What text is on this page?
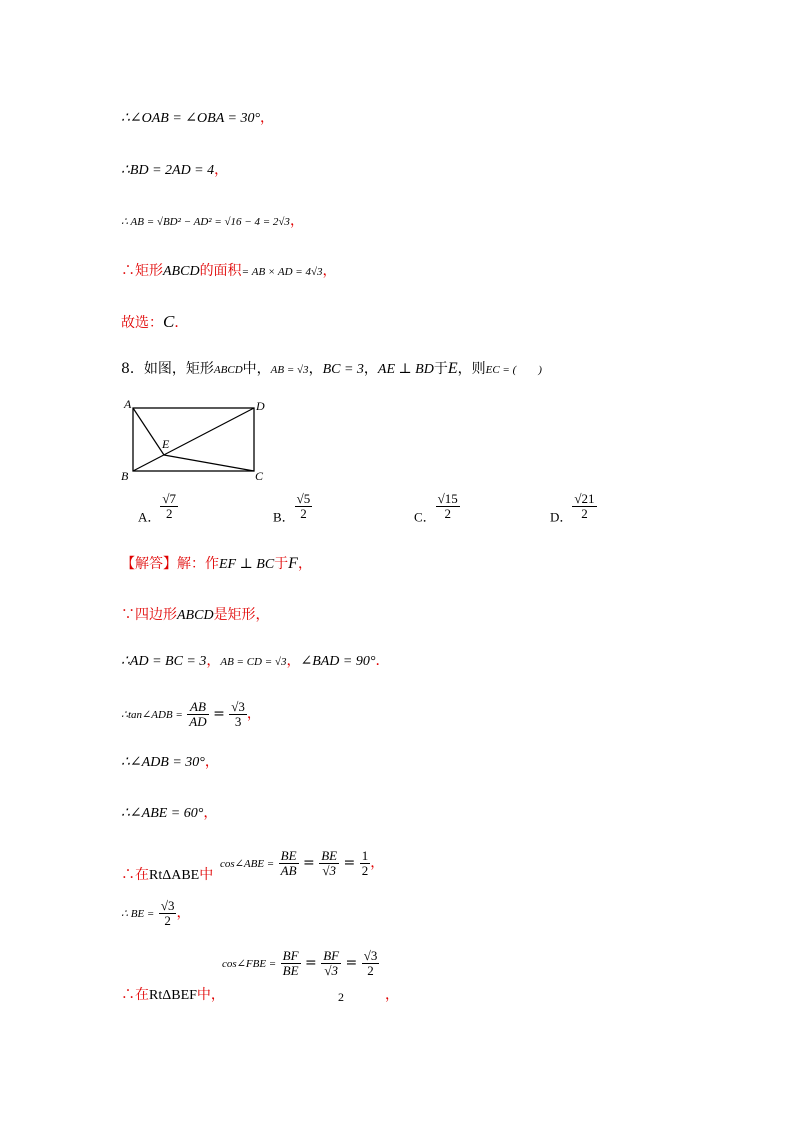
∴∠OAB = ∠OBA = 30°，
∴BD = 2AD = 4，
∴ AB = √BD² − AD² = √16 − 4 = 2√3，
∴矩形ABCD的面积= AB × AD = 4√3，
故选：C．
8．如图，矩形ABCD中，AB = √3，BC = 3，AE ⊥ BD于E，则EC = (　　)
A	D
E
B	C
A． $\frac{√7}{2}$	B． $\frac{√5}{2}$	C． $\frac{√15}{2}$	D． $\frac{√21}{2}$
【解答】解：作EF ⊥ BC于F，
∵四边形ABCD是矩形，
∴AD = BC = 3，AB = CD = √3，∠BAD = 90°．
∴tan∠ADB = $\frac{AB}{AD} = \frac{√3}{3}$ ，
∴∠ADB = 30°，
∴∠ABE = 60°，
∴在RtΔABE中
cos∠ABE = $\frac{BE}{AB} = \frac{BE}{√3} = \frac{1}{2}$ ，
∴ BE = $\frac{√3}{2}$ ，
cos∠FBE = $\frac{BF}{BE} = \frac{BF}{√3} = \frac{√3}{2}$
∴在RtΔBEF中，	2	，
